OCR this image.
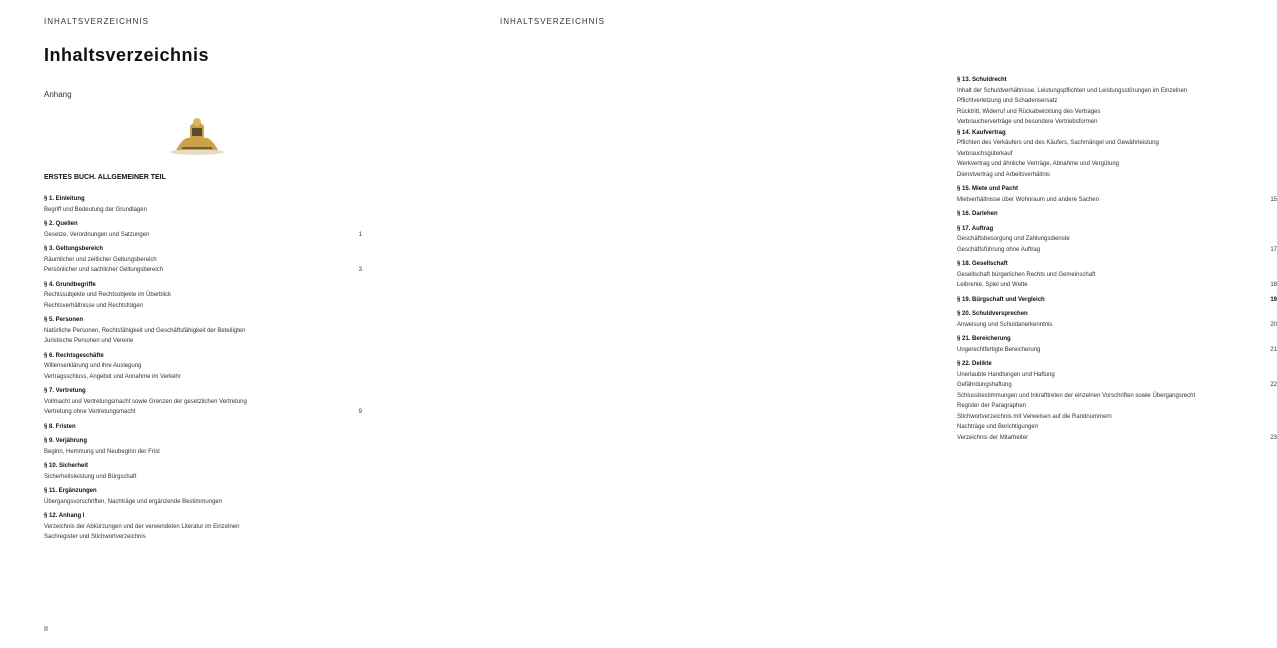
INHALTSVERZEICHNIS
Inhaltsverzeichnis
Anhang
ERSTES BUCH. ALLGEMEINER TEIL
§ 1. Einleitung
Begriff und Bedeutung der Grundlagen
§ 2. Quellen
Gesetze, Verordnungen und Satzungen	1
§ 3. Geltungsbereich
Räumlicher und zeitlicher Geltungsbereich
Persönlicher und sachlicher Geltungsbereich	3
§ 4. Grundbegriffe
Rechtssubjekte und Rechtsobjekte im Überblick
Rechtsverhältnisse und Rechtsfolgen
§ 5. Personen
Natürliche Personen, Rechtsfähigkeit und Geschäftsfähigkeit der Beteiligten
Juristische Personen und Vereine
§ 6. Rechtsgeschäfte
Willenserklärung und ihre Auslegung
Vertragsschluss, Angebot und Annahme im Verkehr
§ 7. Vertretung
Vollmacht und Vertretungsmacht sowie Grenzen der gesetzlichen Vertretung
Vertretung ohne Vertretungsmacht	9
§ 8. Fristen
§ 9. Verjährung
Beginn, Hemmung und Neubeginn der Frist
§ 10. Sicherheit
Sicherheitsleistung und Bürgschaft
§ 11. Ergänzungen
Übergangsvorschriften, Nachträge und ergänzende Bestimmungen
§ 12. Anhang I
Verzeichnis der Abkürzungen und der verwendeten Literatur im Einzelnen
Sachregister und Stichwortverzeichnis
II
INHALTSVERZEICHNIS
§ 13. Schuldrecht
Inhalt der Schuldverhältnisse, Leistungspflichten und Leistungsstörungen im Einzelnen
Pflichtverletzung und Schadensersatz
Rücktritt, Widerruf und Rückabwicklung des Vertrages
Verbraucherverträge und besondere Vertriebsformen
§ 14. Kaufvertrag
Pflichten des Verkäufers und des Käufers, Sachmängel und Gewährleistung
Verbrauchsgüterkauf
Werkvertrag und ähnliche Verträge, Abnahme und Vergütung
Dienstvertrag und Arbeitsverhältnis
§ 15. Miete und Pacht
Mietverhältnisse über Wohnraum und andere Sachen	15
§ 16. Darlehen
§ 17. Auftrag
Geschäftsbesorgung und Zahlungsdienste
Geschäftsführung ohne Auftrag	17
§ 18. Gesellschaft
Gesellschaft bürgerlichen Rechts und Gemeinschaft
Leibrente, Spiel und Wette	18
§ 19. Bürgschaft und Vergleich	19
§ 20. Schuldversprechen
Anweisung und Schuldanerkenntnis	20
§ 21. Bereicherung
Ungerechtfertigte Bereicherung	21
§ 22. Delikte
Unerlaubte Handlungen und Haftung
Gefährdungshaftung	22
Schlussbestimmungen und Inkrafttreten der einzelnen Vorschriften sowie Übergangsrecht
Register der Paragraphen
Stichwortverzeichnis mit Verweisen auf die Randnummern
Nachträge und Berichtigungen
Verzeichnis der Mitarbeiter	23
